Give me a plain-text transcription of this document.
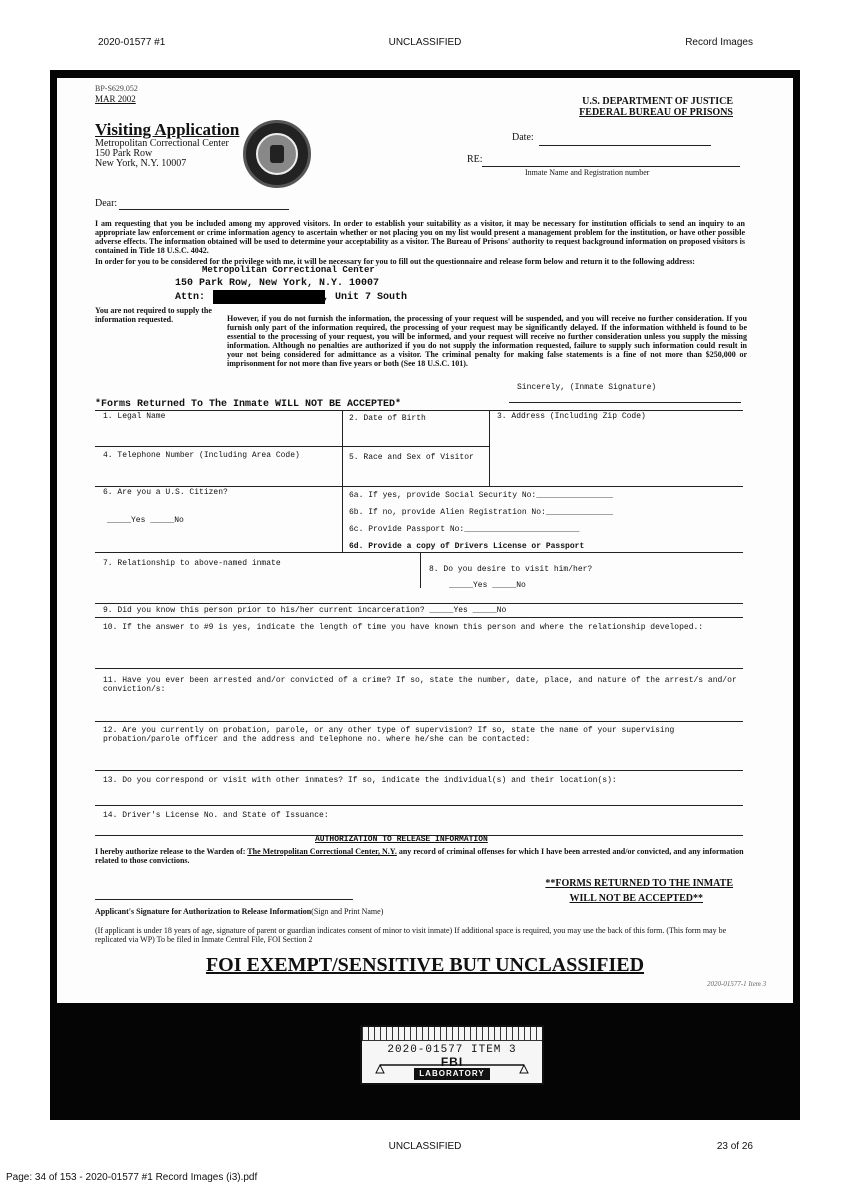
2020-01577 #1	UNCLASSIFIED	Record Images
BP-S629.052
MAR 2002	U.S. DEPARTMENT OF JUSTICE
FEDERAL BUREAU OF PRISONS
Visiting Application
Metropolitan Correctional Center
150 Park Row
New York, N.Y. 10007
Date:
RE:
Inmate Name and Registration number
Dear:
I am requesting that you be included among my approved visitors. In order to establish your suitability as a visitor, it may be necessary for institution officials to send an inquiry to an appropriate law enforcement or crime information agency to ascertain whether or not placing you on my list would present a management problem for the institution, or have other possible adverse effects. The information obtained will be used to determine your acceptability as a visitor. The Bureau of Prisons' authority to request background information on proposed visitors is contained in Title 18 U.S.C. 4042.
In order for you to be considered for the privilege with me, it will be necessary for you to fill out the questionnaire and release form below and return it to the following address:
Metropolitan Correctional Center
150 Park Row, New York, N.Y. 10007
Attn:	, Unit 7 South
You are not required to supply the information requested.	However, if you do not furnish the information, the processing of your request will be suspended, and you will receive no further consideration. If you furnish only part of the information required, the processing of your request may be significantly delayed. If the information withheld is found to be essential to the processing of your request, you will be informed, and your request will receive no further consideration unless you supply the missing information. Although no penalties are authorized if you do not supply the information requested, failure to supply such information could result in your not being considered for admittance as a visitor. The criminal penalty for making false statements is a fine of not more than $250,000 or imprisonment for not more than five years or both (See 18 U.S.C. 101).
Sincerely, (Inmate Signature)
*Forms Returned To The Inmate WILL NOT BE ACCEPTED*
1. Legal Name	2. Date of Birth	3. Address (Including Zip Code)
4. Telephone Number (Including Area Code)	5. Race and Sex of Visitor
6. Are you a U.S. Citizen?
_____Yes _____No
6a. If yes, provide Social Security No:________________
6b. If no, provide Alien Registration No:______________
6c. Provide Passport No:________________________
6d. Provide a copy of Drivers License or Passport
7. Relationship to above-named inmate
8. Do you desire to visit him/her?
_____Yes _____No
9. Did you know this person prior to his/her current incarceration? _____Yes _____No
10. If the answer to #9 is yes, indicate the length of time you have known this person and where the relationship developed.:
11. Have you ever been arrested and/or convicted of a crime? If so, state the number, date, place, and nature of the arrest/s and/or conviction/s:
12. Are you currently on probation, parole, or any other type of supervision? If so, state the name of your supervising probation/parole officer and the address and telephone no. where he/she can be contacted:
13. Do you correspond or visit with other inmates? If so, indicate the individual(s) and their location(s):
14. Driver's License No. and State of Issuance:
AUTHORIZATION TO RELEASE INFORMATION
I hereby authorize release to the Warden of: The Metropolitan Correctional Center, N.Y. any record of criminal offenses for which I have been arrested and/or convicted, and any information related to those convictions.
**FORMS RETURNED TO THE INMATE
WILL NOT BE ACCEPTED**
Applicant's Signature for Authorization to Release Information(Sign and Print Name)
(If applicant is under 18 years of age, signature of parent or guardian indicates consent of minor to visit inmate) If additional space is required, you may use the back of this form. (This form may be replicated via WP) To be filed in Inmate Central File, FOI Section 2
FOI EXEMPT/SENSITIVE BUT UNCLASSIFIED
2020-01577-1 Item 3
2020-01577 ITEM 3
FBI
LABORATORY
UNCLASSIFIED	23 of 26
Page: 34 of 153 - 2020-01577 #1 Record Images (i3).pdf
